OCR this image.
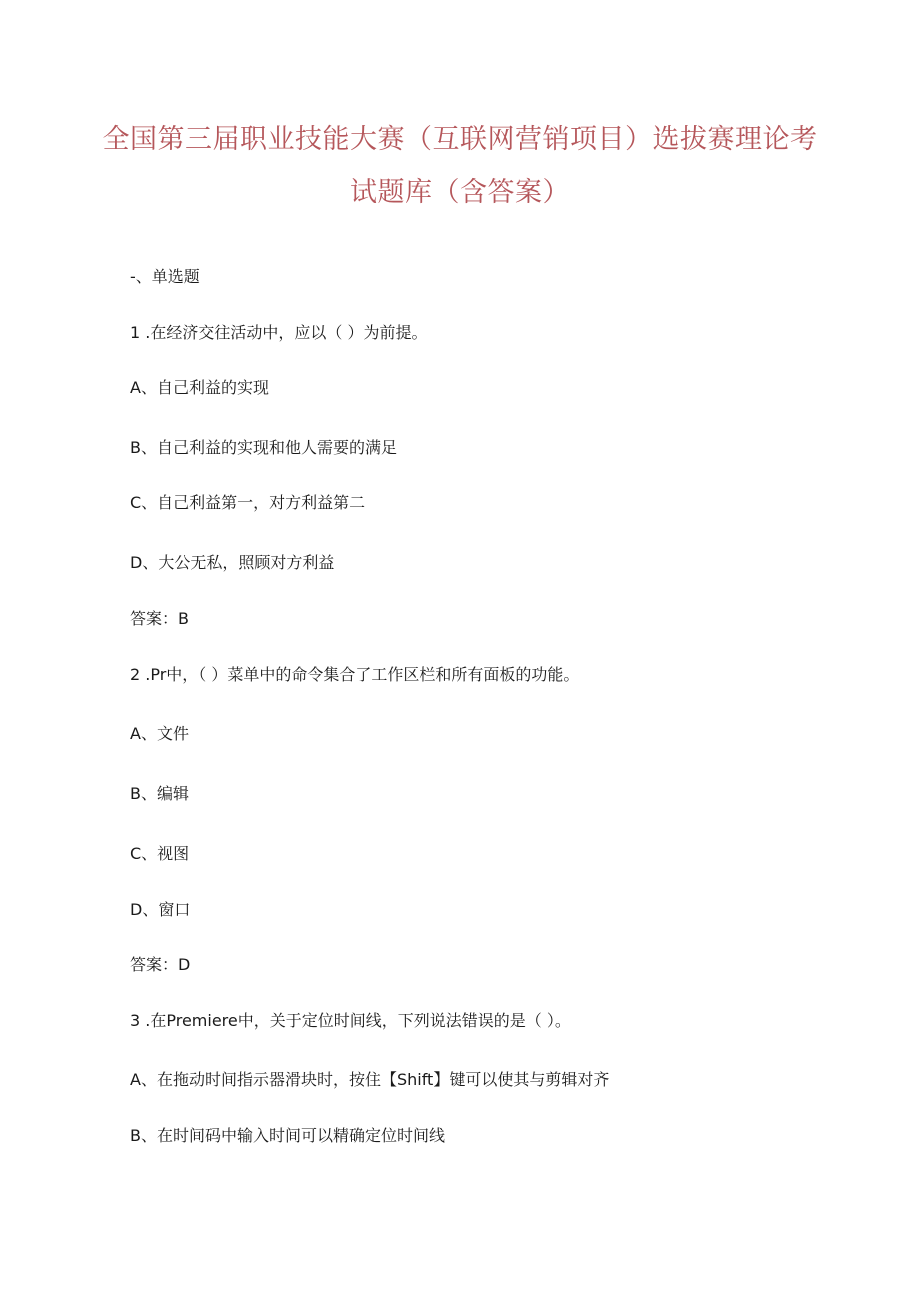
全国第三届职业技能大赛（互联网营销项目）选拔赛理论考
试题库（含答案）

-、单选题

1 .在经济交往活动中，应以（ ）为前提。

A、自己利益的实现

B、自己利益的实现和他人需要的满足

C、自己利益第一，对方利益第二

D、大公无私，照顾对方利益

答案：B

2 .Pr中，（ ）菜单中的命令集合了工作区栏和所有面板的功能。

A、文件

B、编辑

C、视图

D、窗口

答案：D

3 .在Premiere中，关于定位时间线，下列说法错误的是（ ）。

A、在拖动时间指示器滑块时，按住【Shift】键可以使其与剪辑对齐

B、在时间码中输入时间可以精确定位时间线
